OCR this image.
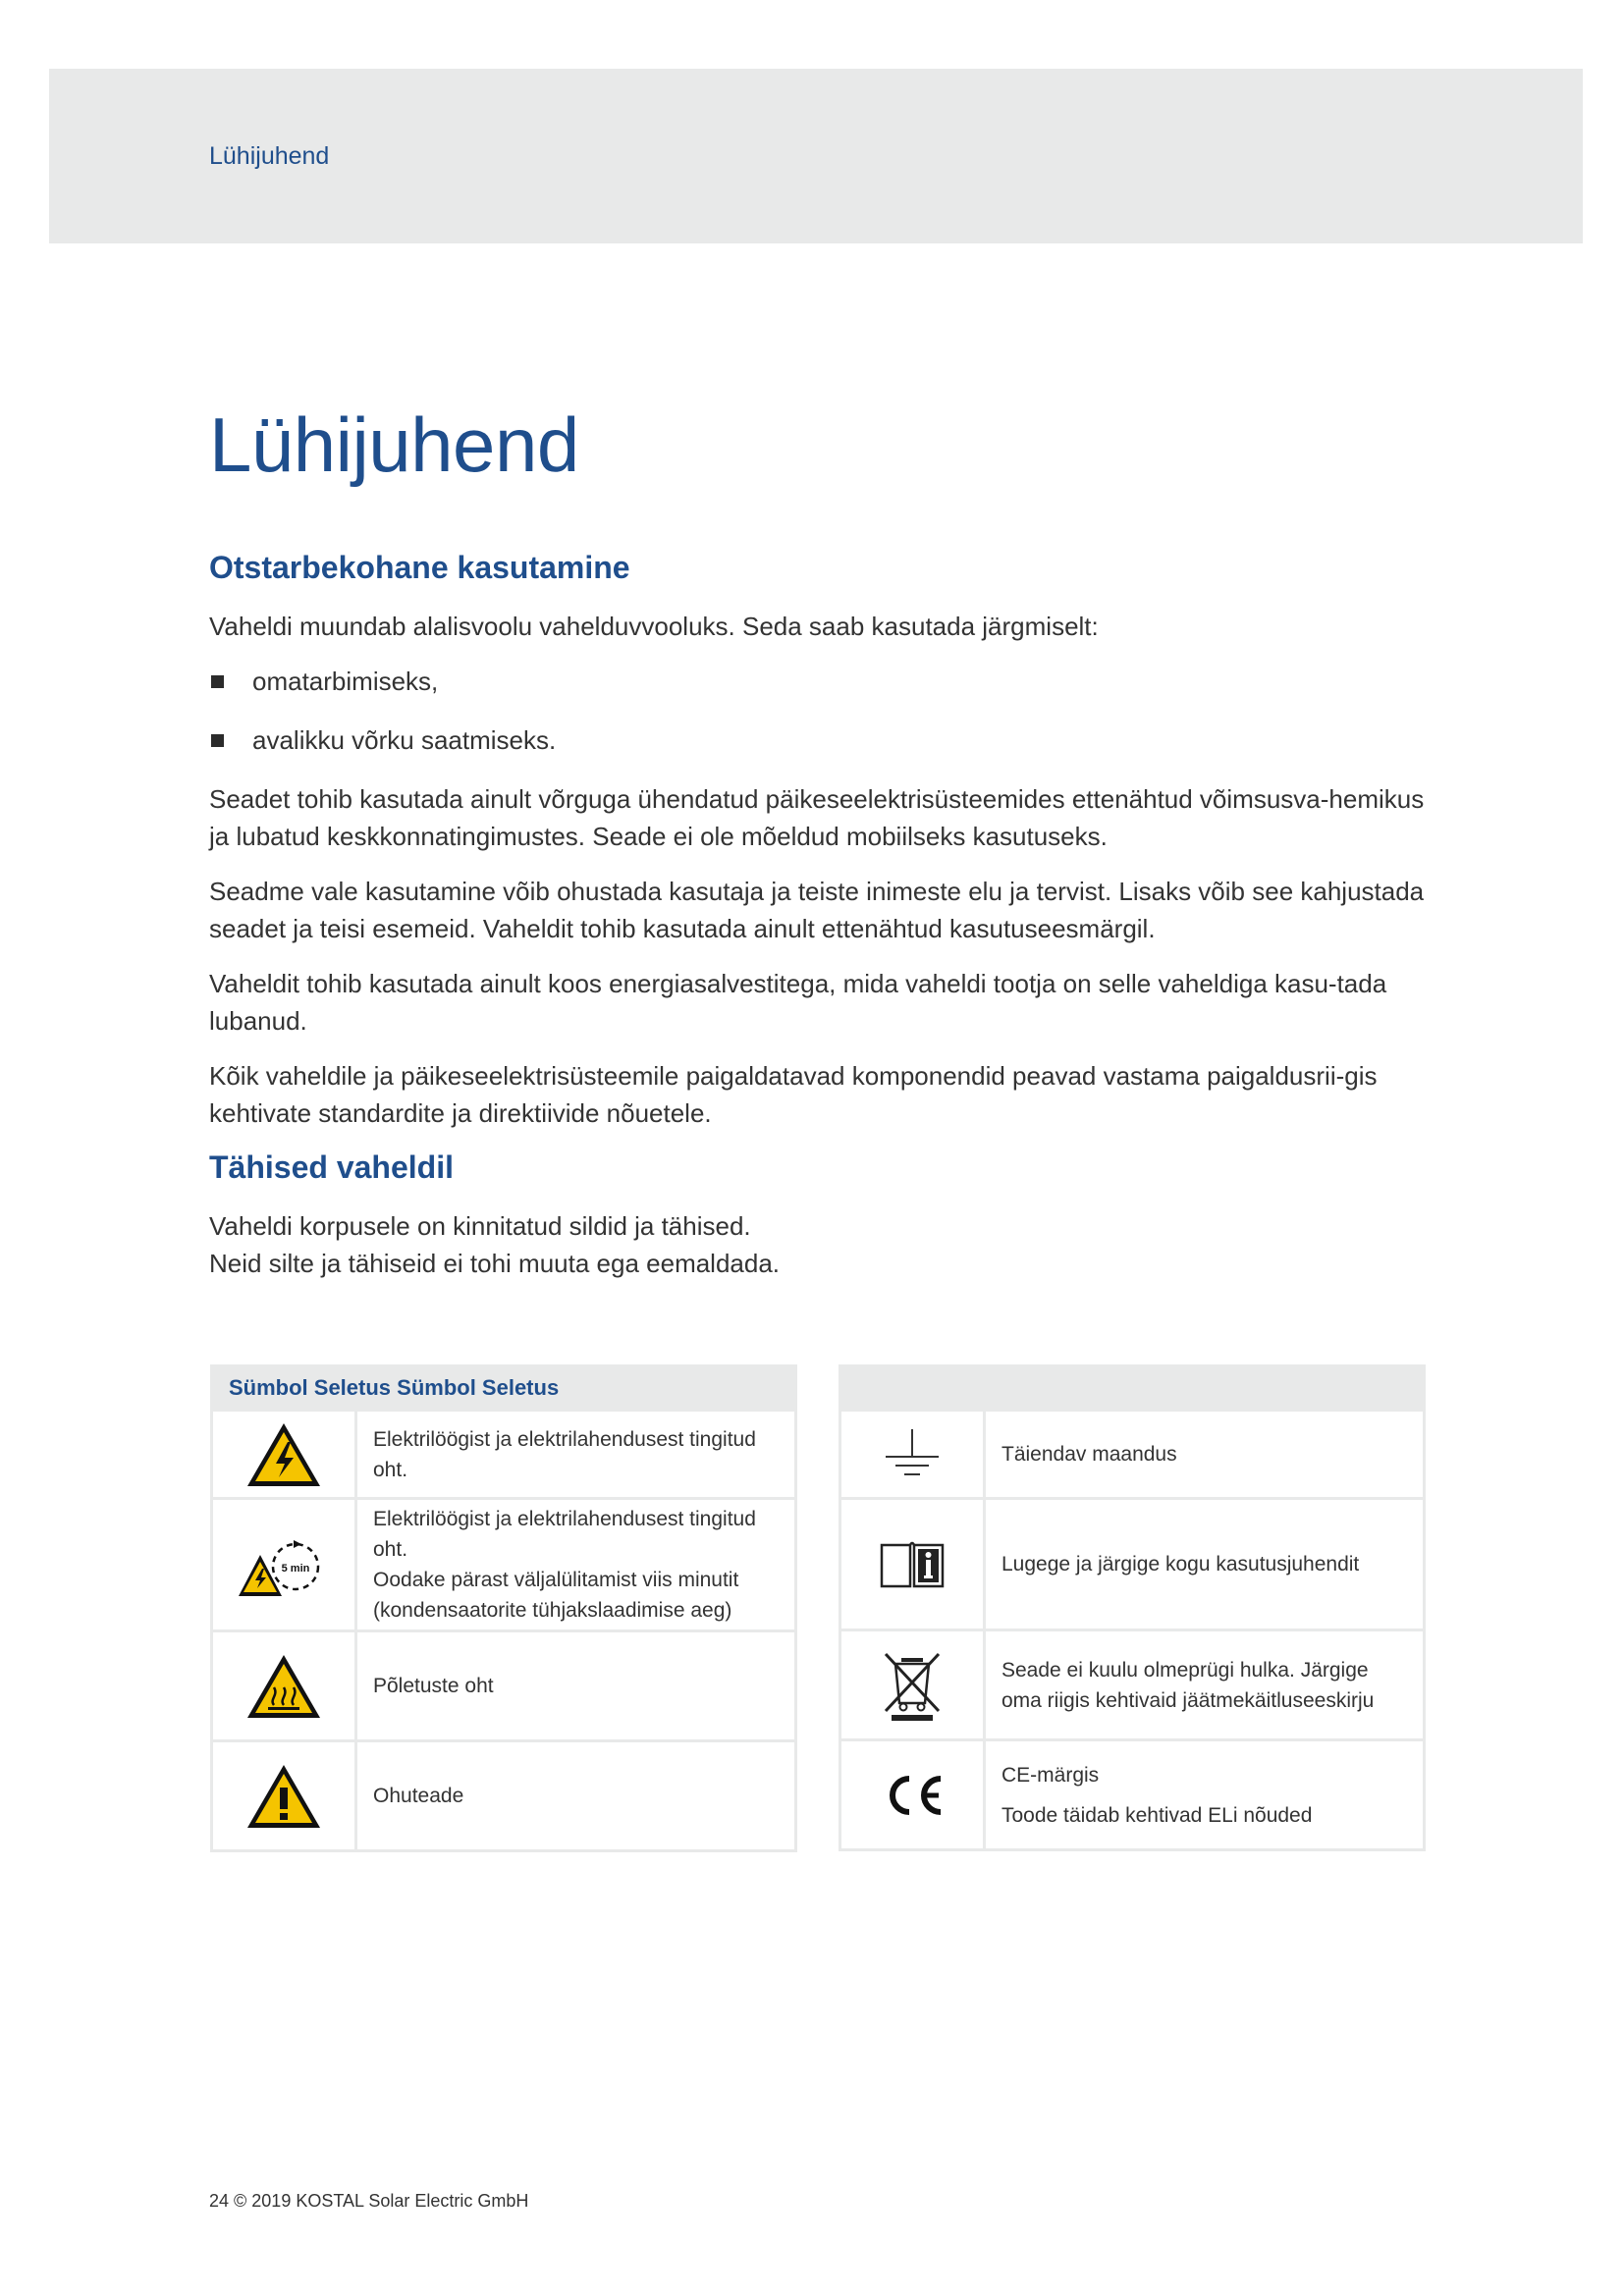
Lühijuhend
Lühijuhend
Otstarbekohane kasutamine

Vaheldi muundab alalisvoolu vahelduvvooluks. Seda saab kasutada järgmiselt:

omatarbimiseks,
avalikku võrku saatmiseks.

Seadet tohib kasutada ainult võrguga ühendatud päikeseelektrisüsteemides ettenähtud võimsusva-hemikus ja lubatud keskkonnatingimustes. Seade ei ole mõeldud mobiilseks kasutuseks.

Seadme vale kasutamine võib ohustada kasutaja ja teiste inimeste elu ja tervist. Lisaks võib see kahjustada seadet ja teisi esemeid. Vaheldit tohib kasutada ainult ettenähtud kasutuseesmärgil.

Vaheldit tohib kasutada ainult koos energiasalvestitega, mida vaheldi tootja on selle vaheldiga kasu-tada lubanud.

Kõik vaheldile ja päikeseelektrisüsteemile paigaldatavad komponendid peavad vastama paigaldusrii-gis kehtivate standardite ja direktiivide nõuetele.

Tähised vaheldil

Vaheldi korpusele on kinnitatud sildid ja tähised.
Neid silte ja tähiseid ei tohi muuta ega eemaldada.

Sümbol Seletus Sümbol Seletus	
	Elektrilöögist ja elektrilahendusest tingitud oht.

5 min	Elektrilöögist ja elektrilahendusest tingitud oht.
Oodake pärast väljalülitamist viis minutit (kondensaatorite tühjakslaadimise aeg)

	Põletuste oht
	Ohuteade

	Täiendav maandus
	Lugege ja järgige kogu kasutusjuhendit
	Seade ei kuulu olmeprügi hulka. Järgige oma riigis kehtivaid jäätmekäitluseeskirju

CE-märgis
Toode täidab kehtivad ELi nõuded
24 © 2019 KOSTAL Solar Electric GmbH
